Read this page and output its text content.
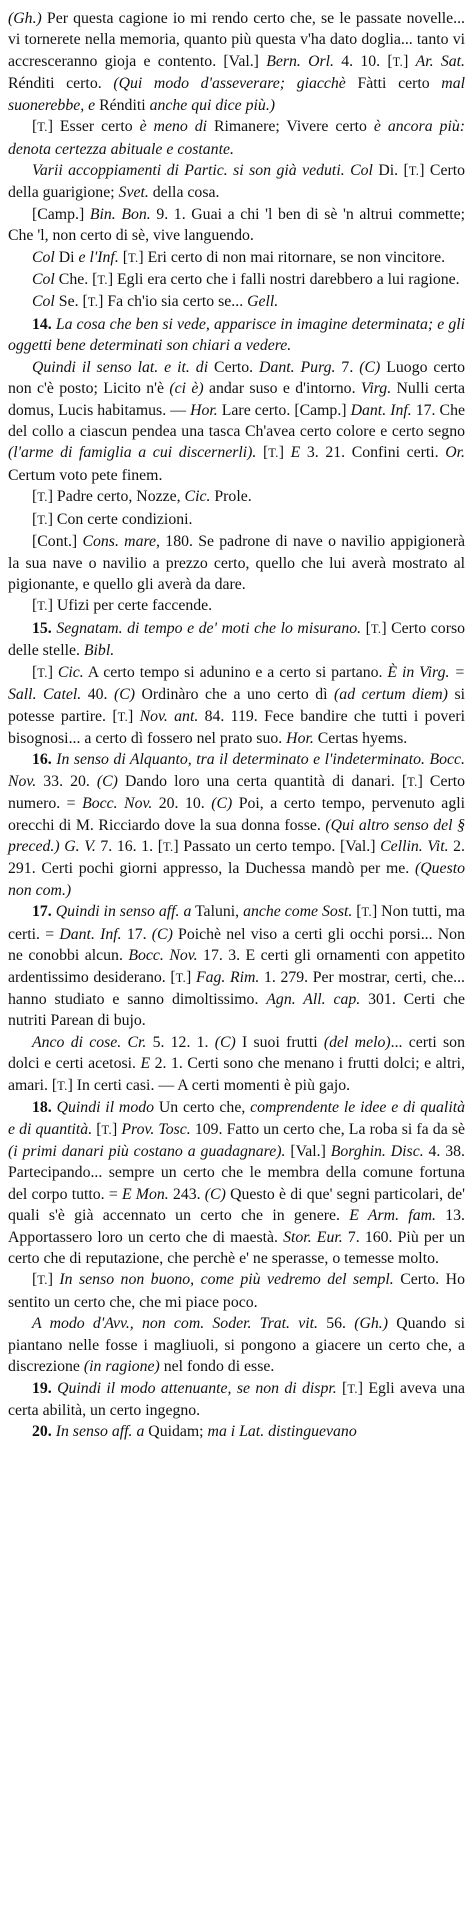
(Gh.) Per questa cagione io mi rendo certo che, se le passate novelle... vi tornerete nella memoria, quanto più questa v'ha dato doglia... tanto vi accresceranno gioja e contento. [Val.] Bern. Orl. 4. 10. [T.] Ar. Sat. Rénditi certo. (Qui modo d'asseverare; giacchè Fàtti certo mal suonerebbe, e Rénditi anche qui dice più.)

[T.] Esser certo è meno di Rimanere; Vivere certo è ancora più: denota certezza abituale e costante.

Varii accoppiamenti di Partic. si son già veduti. Col Di. [T.] Certo della guarigione; Svet. della cosa.

[Camp.] Bin. Bon. 9. 1. Guai a chi 'l ben di sè 'n altrui commette; Che 'l, non certo di sè, vive languendo.

Col Di e l'Inf. [T.] Eri certo di non mai ritornare, se non vincitore.

Col Che. [T.] Egli era certo che i falli nostri darebbero a lui ragione.

Col Se. [T.] Fa ch'io sia certo se... Gell.

14. La cosa che ben si vede, apparisce in imagine determinata; e gli oggetti bene determinati son chiari a vedere.

Quindi il senso lat. e it. di Certo. Dant. Purg. 7. (C) Luogo certo non c'è posto; Licito n'è (ci è) andar suso e d'intorno. Virg. Nulli certa domus, Lucis habitamus. — Hor. Lare certo. [Camp.] Dant. Inf. 17. Che del collo a ciascun pendea una tasca Ch'avea certo colore e certo segno (l'arme di famiglia a cui discernerli). [T.] E 3. 21. Confini certi. Or. Certum voto pete finem.

[T.] Padre certo, Nozze, Cic. Prole.

[T.] Con certe condizioni.

[Cont.] Cons. mare, 180. Se padrone di nave o navilio appigionerà la sua nave o navilio a prezzo certo, quello che lui averà mostrato al pigionante, e quello gli averà da dare.

[T.] Ufizi per certe faccende.

15. Segnatam. di tempo e de' moti che lo misurano. [T.] Certo corso delle stelle. Bibl.

[T.] Cic. A certo tempo si adunino e a certo si partano. È in Virg. = Sall. Catel. 40. (C) Ordinàro che a uno certo dì (ad certum diem) si potesse partire. [T.] Nov. ant. 84. 119. Fece bandire che tutti i poveri bisognosi... a certo dì fossero nel prato suo. Hor. Certas hyems.

16. In senso di Alquanto, tra il determinato e l'indeterminato. Bocc. Nov. 33. 20. (C) Dando loro una certa quantità di danari. [T.] Certo numero. = Bocc. Nov. 20. 10. (C) Poi, a certo tempo, pervenuto agli orecchi di M. Ricciardo dove la sua donna fosse. (Qui altro senso del § preced.) G. V. 7. 16. 1. [T.] Passato un certo tempo. [Val.] Cellin. Vit. 2. 291. Certi pochi giorni appresso, la Duchessa mandò per me. (Questo non com.)

17. Quindi in senso aff. a Taluni, anche come Sost. [T.] Non tutti, ma certi. = Dant. Inf. 17. (C) Poichè nel viso a certi gli occhi porsi... Non ne conobbi alcun. Bocc. Nov. 17. 3. E certi gli ornamenti con appetito ardentissimo desiderano. [T.] Fag. Rim. 1. 279. Per mostrar, certi, che... hanno studiato e sanno dimoltissimo. Agn. All. cap. 301. Certi che nutriti Parean di bujo.

Anco di cose. Cr. 5. 12. 1. (C) I suoi frutti (del melo)... certi son dolci e certi acetosi. E 2. 1. Certi sono che menano i frutti dolci; e altri, amari. [T.] In certi casi. — A certi momenti è più gajo.

18. Quindi il modo Un certo che, comprendente le idee e di qualità e di quantità. [T.] Prov. Tosc. 109. Fatto un certo che, La roba si fa da sè (i primi danari più costano a guadagnare). [Val.] Borghin. Disc. 4. 38. Partecipando... sempre un certo che le membra della comune fortuna del corpo tutto. = E Mon. 243. (C) Questo è di que' segni particolari, de' quali s'è già accennato un certo che in genere. E Arm. fam. 13. Apportassero loro un certo che di maestà. Stor. Eur. 7. 160. Più per un certo che di reputazione, che perchè e' ne sperasse, o temesse molto.

[T.] In senso non buono, come più vedremo del sempl. Certo. Ho sentito un certo che, che mi piace poco.

A modo d'Avv., non com. Soder. Trat. vit. 56. (Gh.) Quando si piantano nelle fosse i magliuoli, si pongono a giacere un certo che, a discrezione (in ragione) nel fondo di esse.

19. Quindi il modo attenuante, se non di dispr. [T.] Egli aveva una certa abilità, un certo ingegno.

20. In senso aff. a Quidam; ma i Lat. distinguevano
